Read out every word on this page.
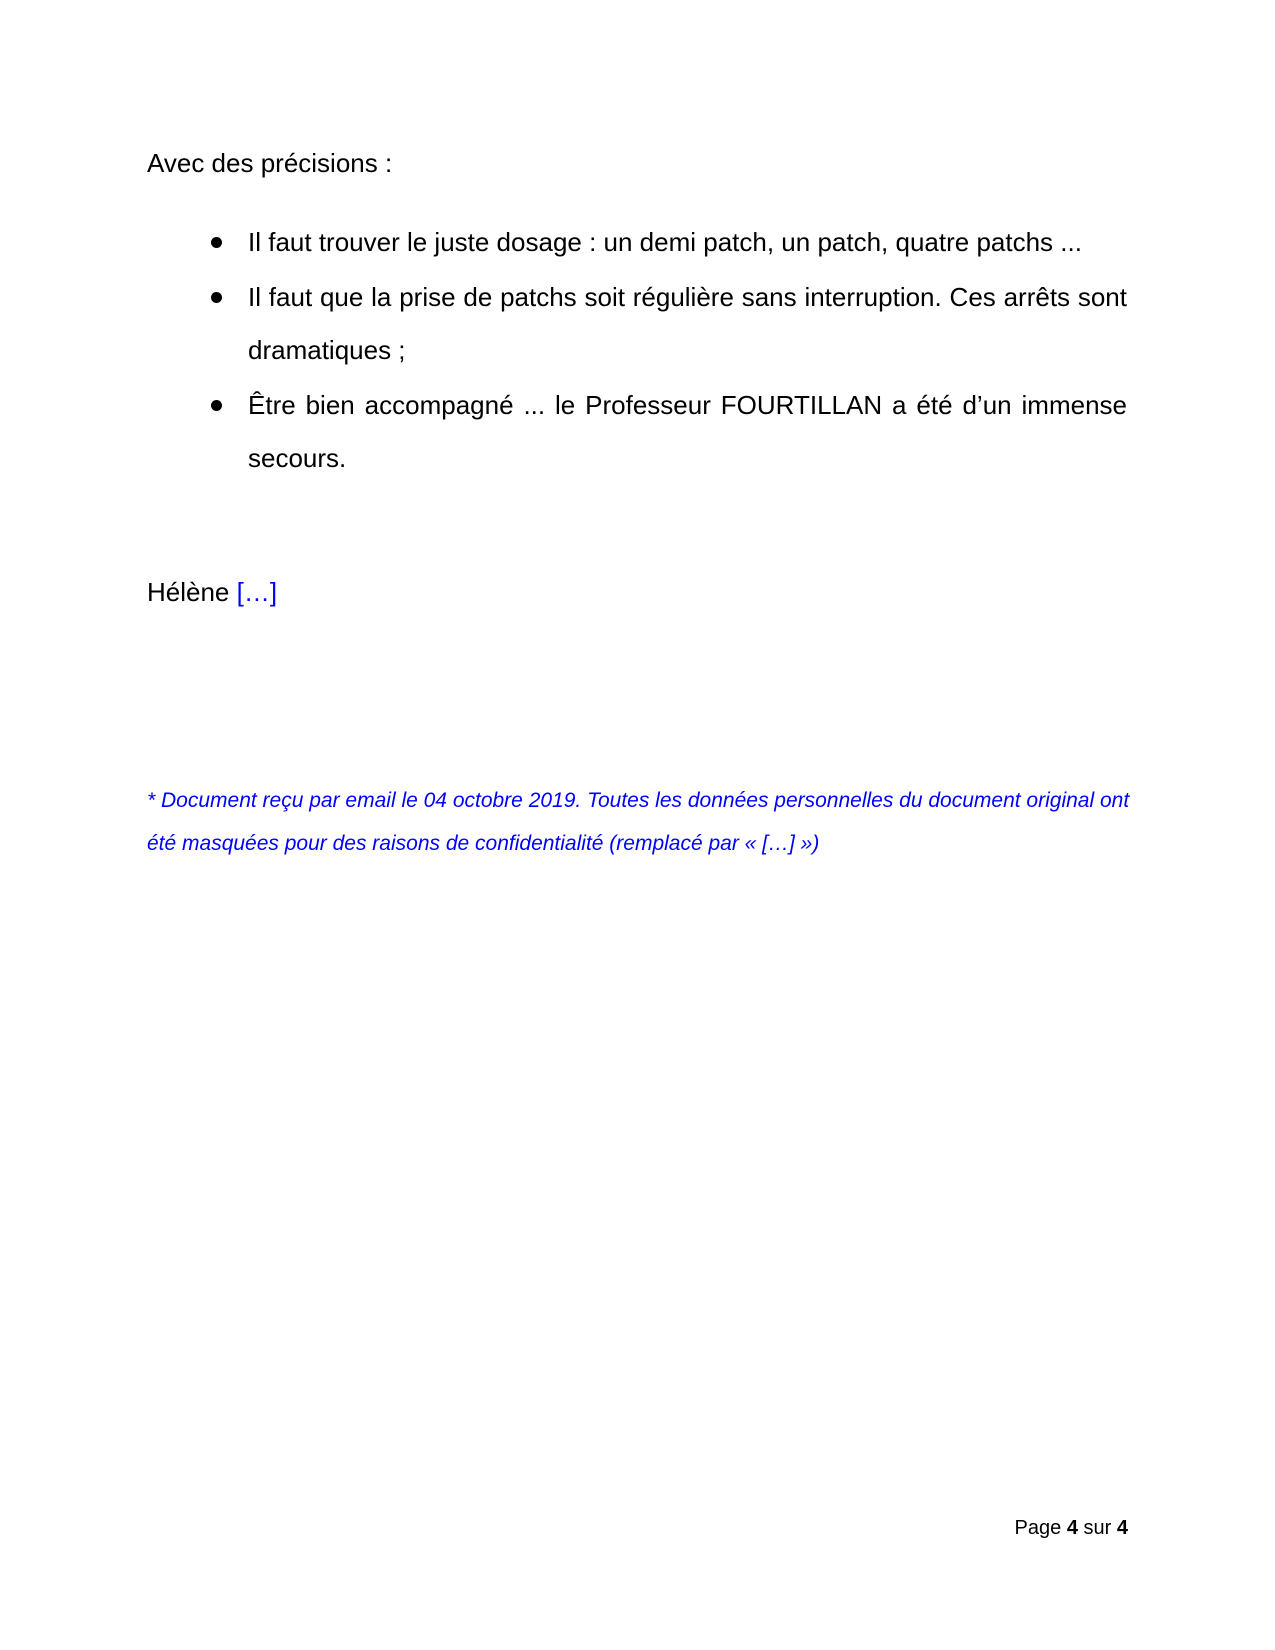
Avec des précisions :
Il faut trouver le juste dosage : un demi patch, un patch, quatre patchs ...
Il faut que la prise de patchs soit régulière sans interruption. Ces arrêts sont dramatiques ;
Être bien accompagné ... le Professeur FOURTILLAN a été d’un immense secours.
Hélène […]
* Document reçu par email le 04 octobre 2019. Toutes les données personnelles du document original ont été masquées pour des raisons de confidentialité (remplacé par « […] »)
Page 4 sur 4
